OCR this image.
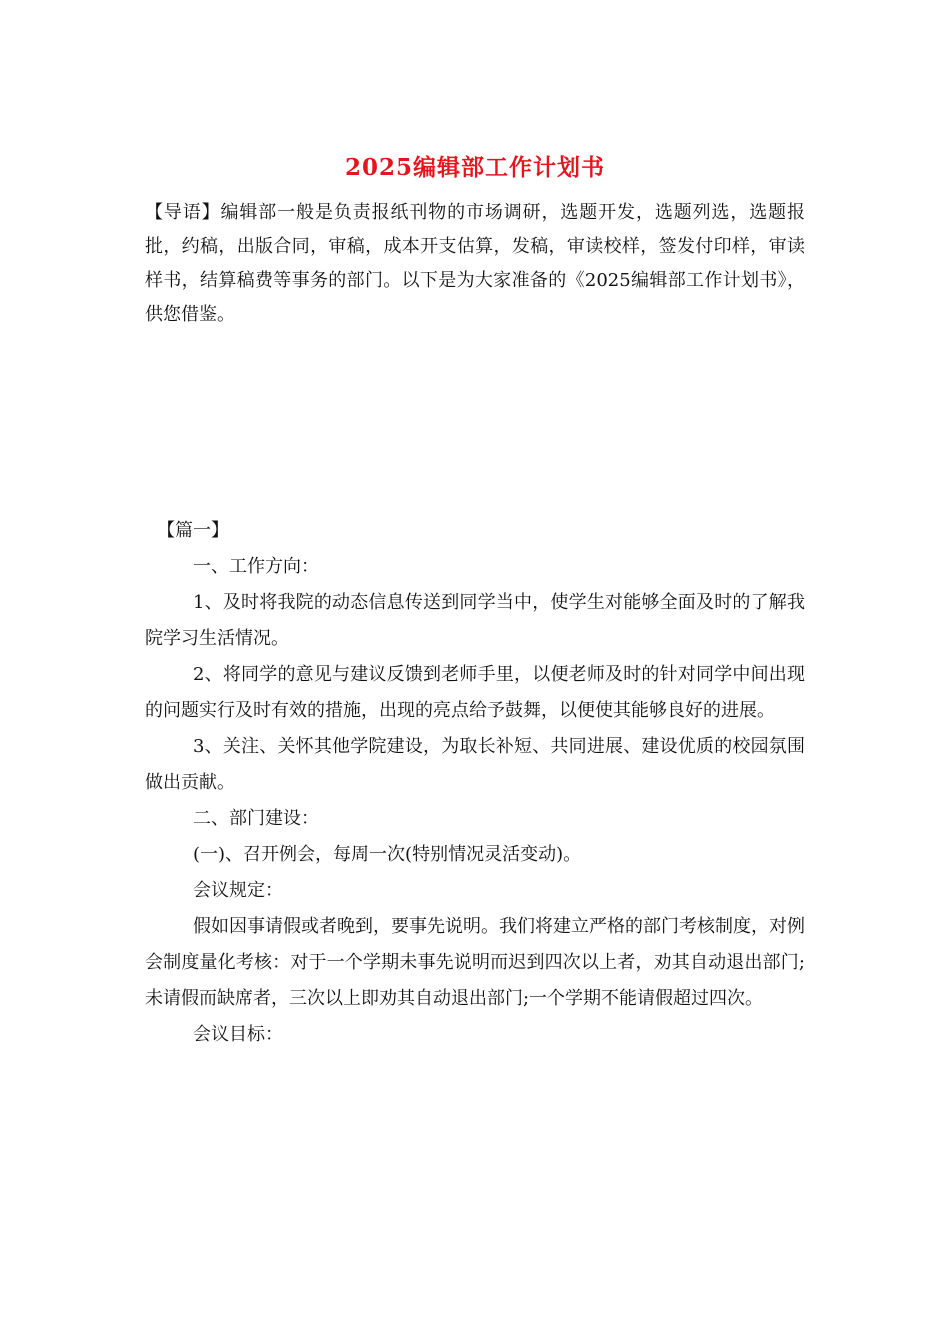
2025编辑部工作计划书
【导语】编辑部一般是负责报纸刊物的市场调研，选题开发，选题列选，选题报批，约稿，出版合同，审稿，成本开支估算，发稿，审读校样，签发付印样，审读样书，结算稿费等事务的部门。以下是为大家准备的《2025编辑部工作计划书》，供您借鉴。

【篇一】

一、工作方向：

1、及时将我院的动态信息传送到同学当中，使学生对能够全面及时的了解我院学习生活情况。

2、将同学的意见与建议反馈到老师手里，以便老师及时的针对同学中间出现的问题实行及时有效的措施，出现的亮点给予鼓舞，以便使其能够良好的进展。

3、关注、关怀其他学院建设，为取长补短、共同进展、建设优质的校园氛围做出贡献。

二、部门建设：

(一)、召开例会，每周一次(特别情况灵活变动)。

会议规定：

假如因事请假或者晚到，要事先说明。我们将建立严格的部门考核制度，对例会制度量化考核：对于一个学期未事先说明而迟到四次以上者，劝其自动退出部门;未请假而缺席者，三次以上即劝其自动退出部门;一个学期不能请假超过四次。

会议目标：
